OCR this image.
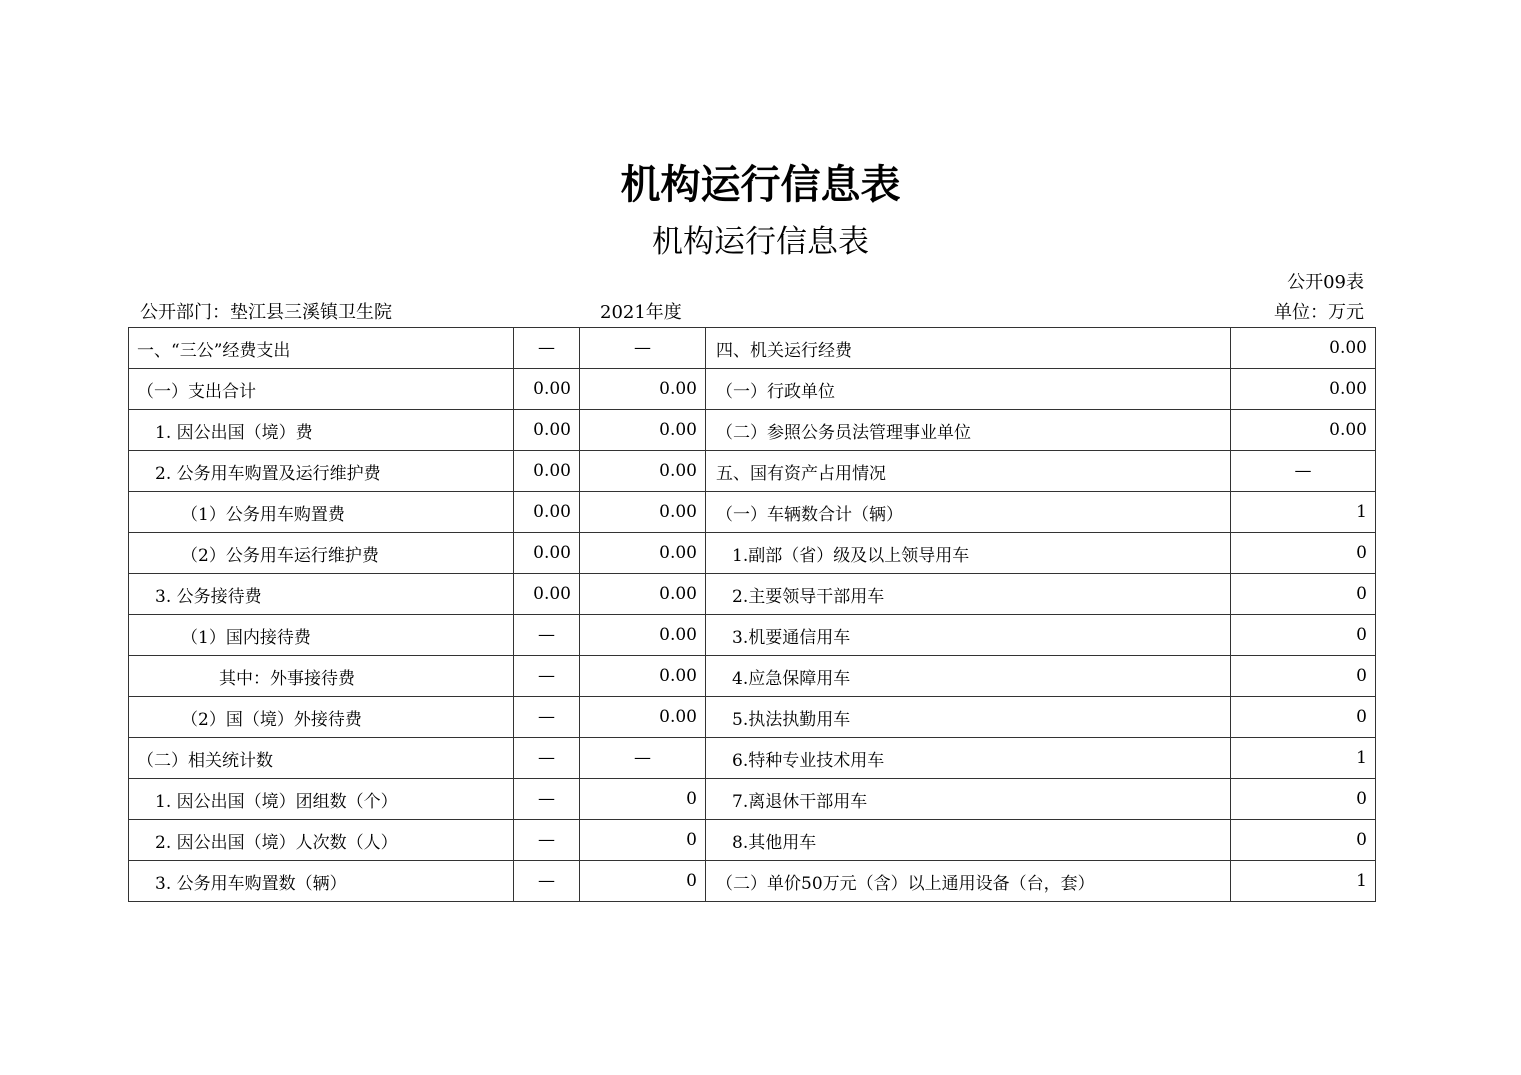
机构运行信息表
机构运行信息表
公开09表
公开部门：垫江县三溪镇卫生院	2021年度	单位：万元
一、“三公”经费支出	—	—	四、机关运行经费	0.00
（一）支出合计	0.00	0.00	（一）行政单位	0.00
1. 因公出国（境）费	0.00	0.00	（二）参照公务员法管理事业单位	0.00
2. 公务用车购置及运行维护费	0.00	0.00	五、国有资产占用情况	—
（1）公务用车购置费	0.00	0.00	（一）车辆数合计（辆）	1
（2）公务用车运行维护费	0.00	0.00	1.副部（省）级及以上领导用车	0
3. 公务接待费	0.00	0.00	2.主要领导干部用车	0
（1）国内接待费	—	0.00	3.机要通信用车	0
其中：外事接待费	—	0.00	4.应急保障用车	0
（2）国（境）外接待费	—	0.00	5.执法执勤用车	0
（二）相关统计数	—	—	6.特种专业技术用车	1
1. 因公出国（境）团组数（个）	—	0	7.离退休干部用车	0
2. 因公出国（境）人次数（人）	—	0	8.其他用车	0
3. 公务用车购置数（辆）	—	0	（二）单价50万元（含）以上通用设备（台，套）	1
